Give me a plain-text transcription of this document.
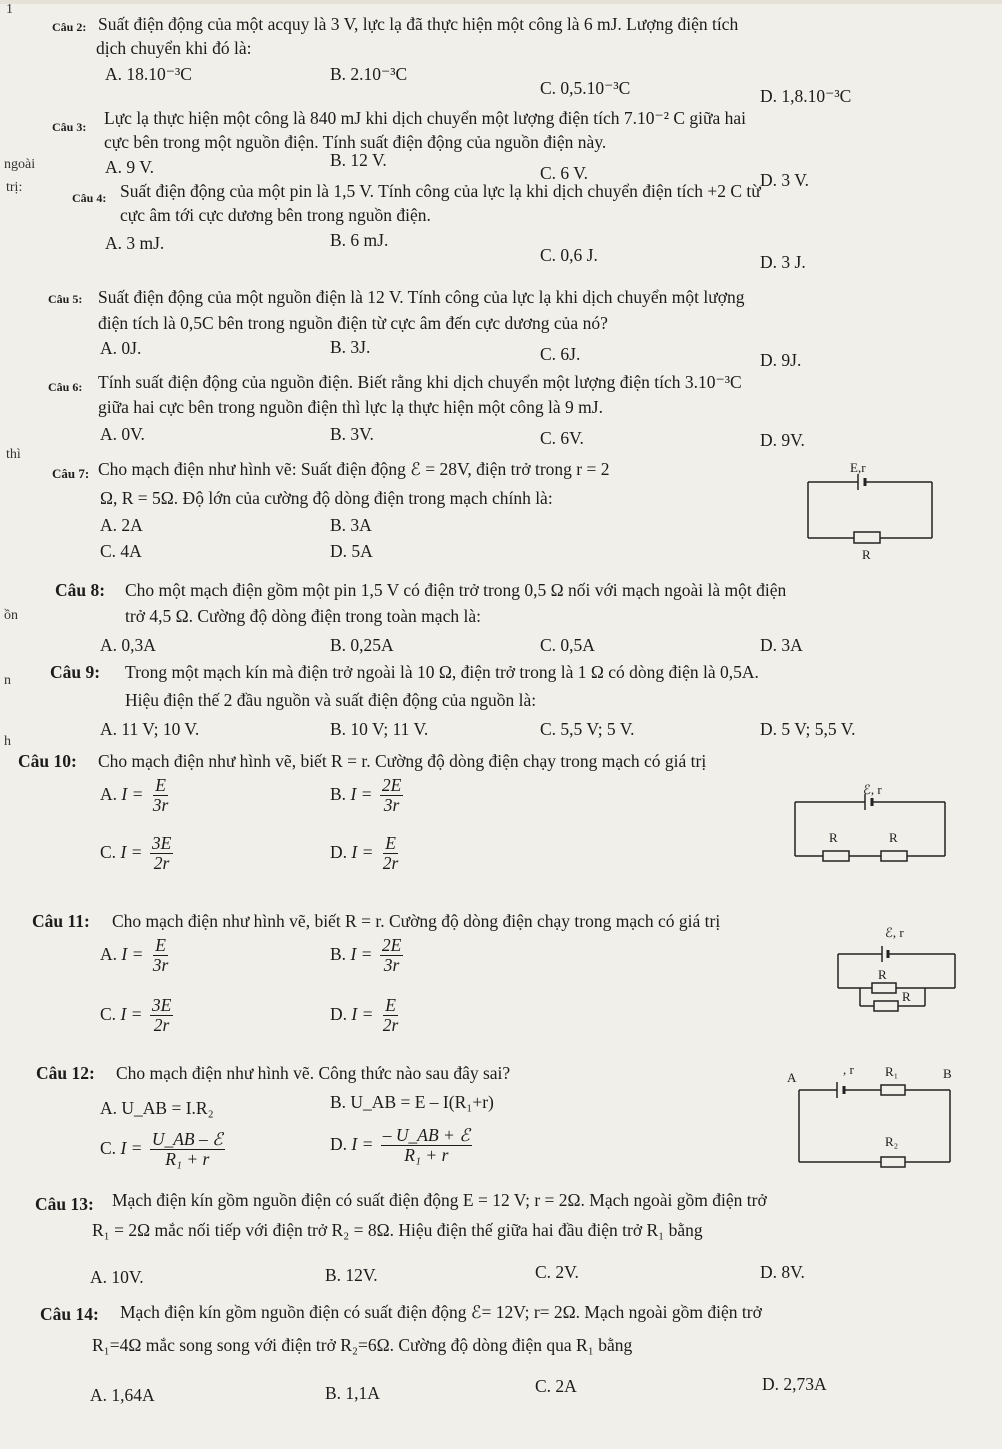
1
ngoài
trị:
thì
ồn
n
h
Câu 2: Suất điện động của một acquy là 3 V, lực lạ đã thực hiện một công là 6 mJ. Lượng điện tích
dịch chuyển khi đó là:
A. 18.10⁻³C	B. 2.10⁻³C
C. 0,5.10⁻³C	D. 1,8.10⁻³C
Câu 3: Lực lạ thực hiện một công là 840 mJ khi dịch chuyển một lượng điện tích 7.10⁻² C giữa hai
cực bên trong một nguồn điện. Tính suất điện động của nguồn điện này.
A. 9 V.	B. 12 V.
C. 6 V.	D. 3 V.
Câu 4: Suất điện động của một pin là 1,5 V. Tính công của lực lạ khi dịch chuyển điện tích +2 C từ
cực âm tới cực dương bên trong nguồn điện.
A. 3 mJ.	B. 6 mJ.
C. 0,6 J.	D. 3 J.
Câu 5: Suất điện động của một nguồn điện là 12 V. Tính công của lực lạ khi dịch chuyển một lượng
điện tích là 0,5C bên trong nguồn điện từ cực âm đến cực dương của nó?
A. 0J.	B. 3J.	C. 6J.	D. 9J.
Câu 6: Tính suất điện động của nguồn điện. Biết rằng khi dịch chuyển một lượng điện tích 3.10⁻³C
giữa hai cực bên trong nguồn điện thì lực lạ thực hiện một công là 9 mJ.
A. 0V.	B. 3V.	C. 6V.	D. 9V.
Câu 7: Cho mạch điện như hình vẽ: Suất điện động ℰ = 28V, điện trở trong r = 2
Ω, R = 5Ω. Độ lớn của cường độ dòng điện trong mạch chính là:
A. 2A	B. 3A
C. 4A	D. 5A
E,r
R
Câu 8: Cho một mạch điện gồm một pin 1,5 V có điện trở trong 0,5 Ω nối với mạch ngoài là một điện
trở 4,5 Ω. Cường độ dòng điện trong toàn mạch là:
A. 0,3A	B. 0,25A	C. 0,5A	D. 3A
Câu 9: Trong một mạch kín mà điện trở ngoài là 10 Ω, điện trở trong là 1 Ω có dòng điện là 0,5A.
Hiệu điện thế 2 đầu nguồn và suất điện động của nguồn là:
A. 11 V; 10 V.	B. 10 V; 11 V.	C. 5,5 V; 5 V.	D. 5 V; 5,5 V.
Câu 10: Cho mạch điện như hình vẽ, biết R = r. Cường độ dòng điện chạy trong mạch có giá trị
A. $I = \frac{E}{3r}$	B. $I = \frac{2E}{3r}$
C. $I = \frac{3E}{2r}$	D. $I = \frac{E}{2r}$
ℰ, r
R	R
Câu 11: Cho mạch điện như hình vẽ, biết R = r. Cường độ dòng điện chạy trong mạch có giá trị
A. $I = \frac{E}{3r}$	B. $I = \frac{2E}{3r}$
C. $I = \frac{3E}{2r}$	D. $I = \frac{E}{2r}$
ℰ, r
R
R
Câu 12: Cho mạch điện như hình vẽ. Công thức nào sau đây sai?
A. U_AB = I.R₂	B. U_AB = E – I(R₁+r)
C. $I = \frac{\text{U\_AB – ℰ}}{\text{R₁ + r}}$	D. $I = \frac{\text{– U\_AB + ℰ}}{\text{R₁ + r}}$
A	B
, r R₁
R₂
Câu 13: Mạch điện kín gồm nguồn điện có suất điện động E = 12 V; r = 2Ω. Mạch ngoài gồm điện trở
R₁ = 2Ω mắc nối tiếp với điện trở R₂ = 8Ω. Hiệu điện thế giữa hai đầu điện trở R₁ bằng
A. 10V.	B. 12V.	C. 2V.	D. 8V.
Câu 14: Mạch điện kín gồm nguồn điện có suất điện động ℰ= 12V; r= 2Ω. Mạch ngoài gồm điện trở
R₁=4Ω mắc song song với điện trở R₂=6Ω. Cường độ dòng điện qua R₁ bằng
A. 1,64A	B. 1,1A	C. 2A	D. 2,73A
